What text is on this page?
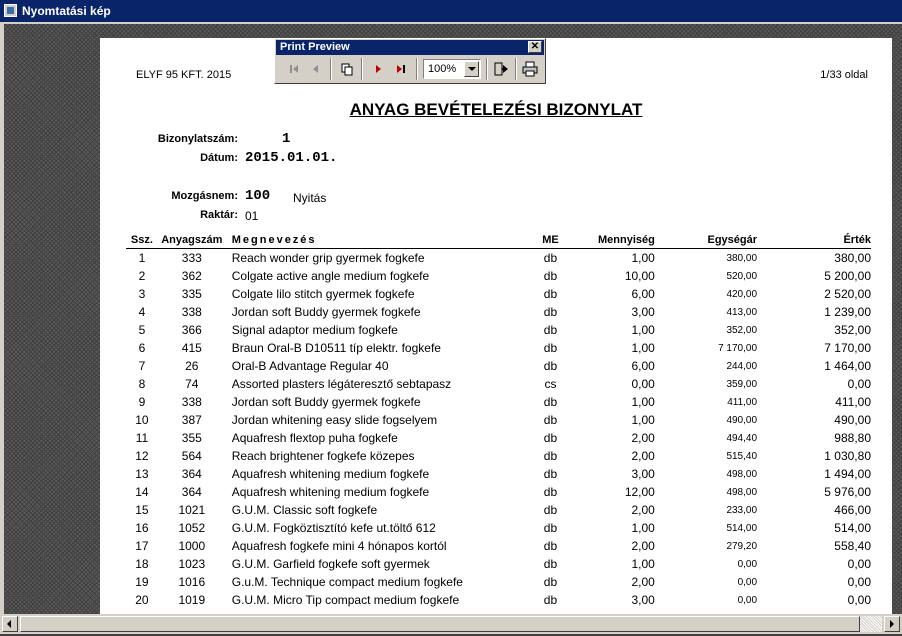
Nyomtatási kép
ELYF 95 KFT. 2015	1/33 oldal
ANYAG BEVÉTELEZÉSI BIZONYLAT
Bizonylatszám:	1
Dátum: 2015.01.01.
Mozgásnem: 100 Nyitás
Raktár: 01
Ssz.	Anyagszám	Megnevezés	ME	Mennyiség	Egységár	Érték
1	333	Reach wonder grip gyermek fogkefe	db	1,00	380,00	380,00
2	362	Colgate active angle medium fogkefe	db	10,00	520,00	5 200,00
3	335	Colgate lilo stitch gyermek fogkefe	db	6,00	420,00	2 520,00
4	338	Jordan soft Buddy gyermek fogkefe	db	3,00	413,00	1 239,00
5	366	Signal adaptor medium fogkefe	db	1,00	352,00	352,00
6	415	Braun Oral-B D10511 típ elektr. fogkefe	db	1,00	7 170,00	7 170,00
7	26	Oral-B Advantage Regular 40	db	6,00	244,00	1 464,00
8	74	Assorted plasters légáteresztő sebtapasz	cs	0,00	359,00	0,00
9	338	Jordan soft Buddy gyermek fogkefe	db	1,00	411,00	411,00
10	387	Jordan whitening easy slide fogselyem	db	1,00	490,00	490,00
11	355	Aquafresh flextop puha fogkefe	db	2,00	494,40	988,80
12	564	Reach brightener fogkefe közepes	db	2,00	515,40	1 030,80
13	364	Aquafresh whitening medium fogkefe	db	3,00	498,00	1 494,00
14	364	Aquafresh whitening medium fogkefe	db	12,00	498,00	5 976,00
15	1021	G.U.M. Classic soft fogkefe	db	2,00	233,00	466,00
16	1052	G.U.M. Fogköztisztító kefe ut.töltő 612	db	1,00	514,00	514,00
17	1000	Aquafresh fogkefe mini 4 hónapos kortól	db	2,00	279,20	558,40
18	1023	G.U.M. Garfield fogkefe soft gyermek	db	1,00	0,00	0,00
19	1016	G.u.M. Technique compact medium fogkefe	db	2,00	0,00	0,00
20	1019	G.U.M. Micro Tip compact medium fogkefe	db	3,00	0,00	0,00
Print Preview	✕
100%
